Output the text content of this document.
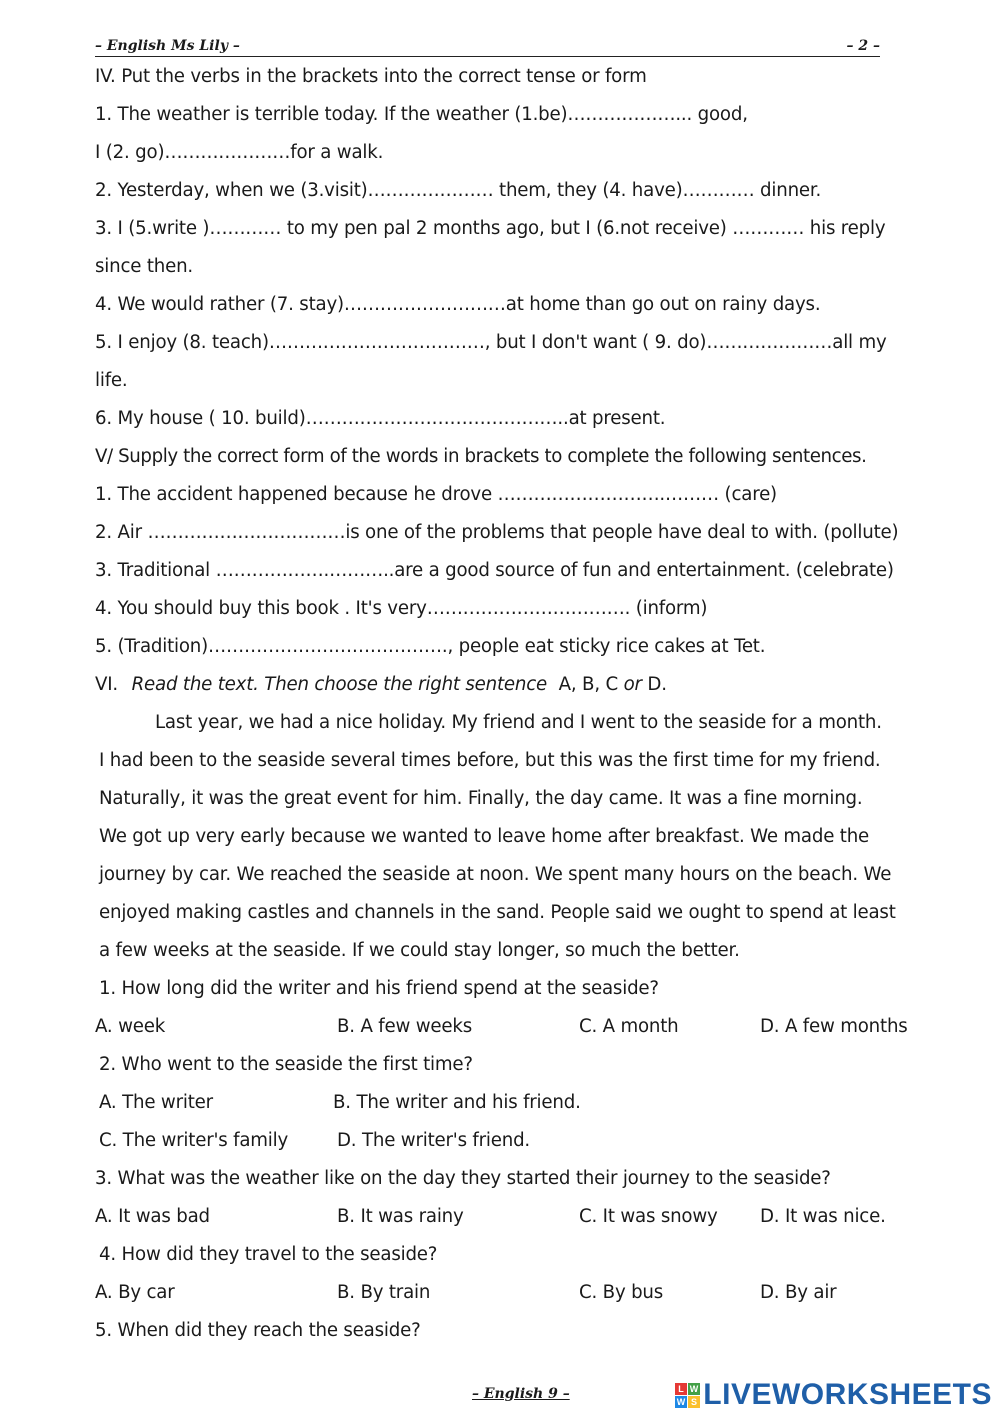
– English Ms Lily –	– 2 –
IV. Put the verbs in the brackets into the correct tense or form
1. The weather is terrible today. If the weather (1.be)………………... good,
I (2. go)…………………for a walk.
2. Yesterday, when we (3.visit)………………… them, they (4. have)………… dinner.
3. I (5.write )………… to my pen pal 2 months ago, but I (6.not receive) ………… his reply
since then.
4. We would rather (7. stay)………………………at home than go out on rainy days.
5. I enjoy (8. teach)………………………………, but I don't want ( 9. do)…………………all my
life.
6. My house ( 10. build)……………………………………..at present.
V/ Supply the correct form of the words in brackets to complete the following sentences.
1. The accident happened because he drove ……………………….……… (care)
2. Air ……………………………is one of the problems that people have deal to with. (pollute)
3. Traditional ……………….………..are a good source of fun and entertainment. (celebrate)
4. You should buy this book . It's very……………………………. (inform)
5. (Tradition)…………………………………., people eat sticky rice cakes at Tet.
VI. Read the text. Then choose the right sentence A, B, C or D.
Last year, we had a nice holiday. My friend and I went to the seaside for a month.
I had been to the seaside several times before, but this was the first time for my friend.
Naturally, it was the great event for him. Finally, the day came. It was a fine morning.
We got up very early because we wanted to leave home after breakfast. We made the
journey by car. We reached the seaside at noon. We spent many hours on the beach. We
enjoyed making castles and channels in the sand. People said we ought to spend at least
a few weeks at the seaside. If we could stay longer, so much the better.
1. How long did the writer and his friend spend at the seaside?
A. week	B. A few weeks	C. A month	D. A few months
2. Who went to the seaside the first time?
A. The writer	B. The writer and his friend.
C. The writer's family	D. The writer's friend.
3. What was the weather like on the day they started their journey to the seaside?
A. It was bad	B. It was rainy	C. It was snowy	D. It was nice.
4. How did they travel to the seaside?
A. By car	B. By train	C. By bus	D. By air
5. When did they reach the seaside?
– English 9 –	L W
W S LIVEWORKSHEETS
